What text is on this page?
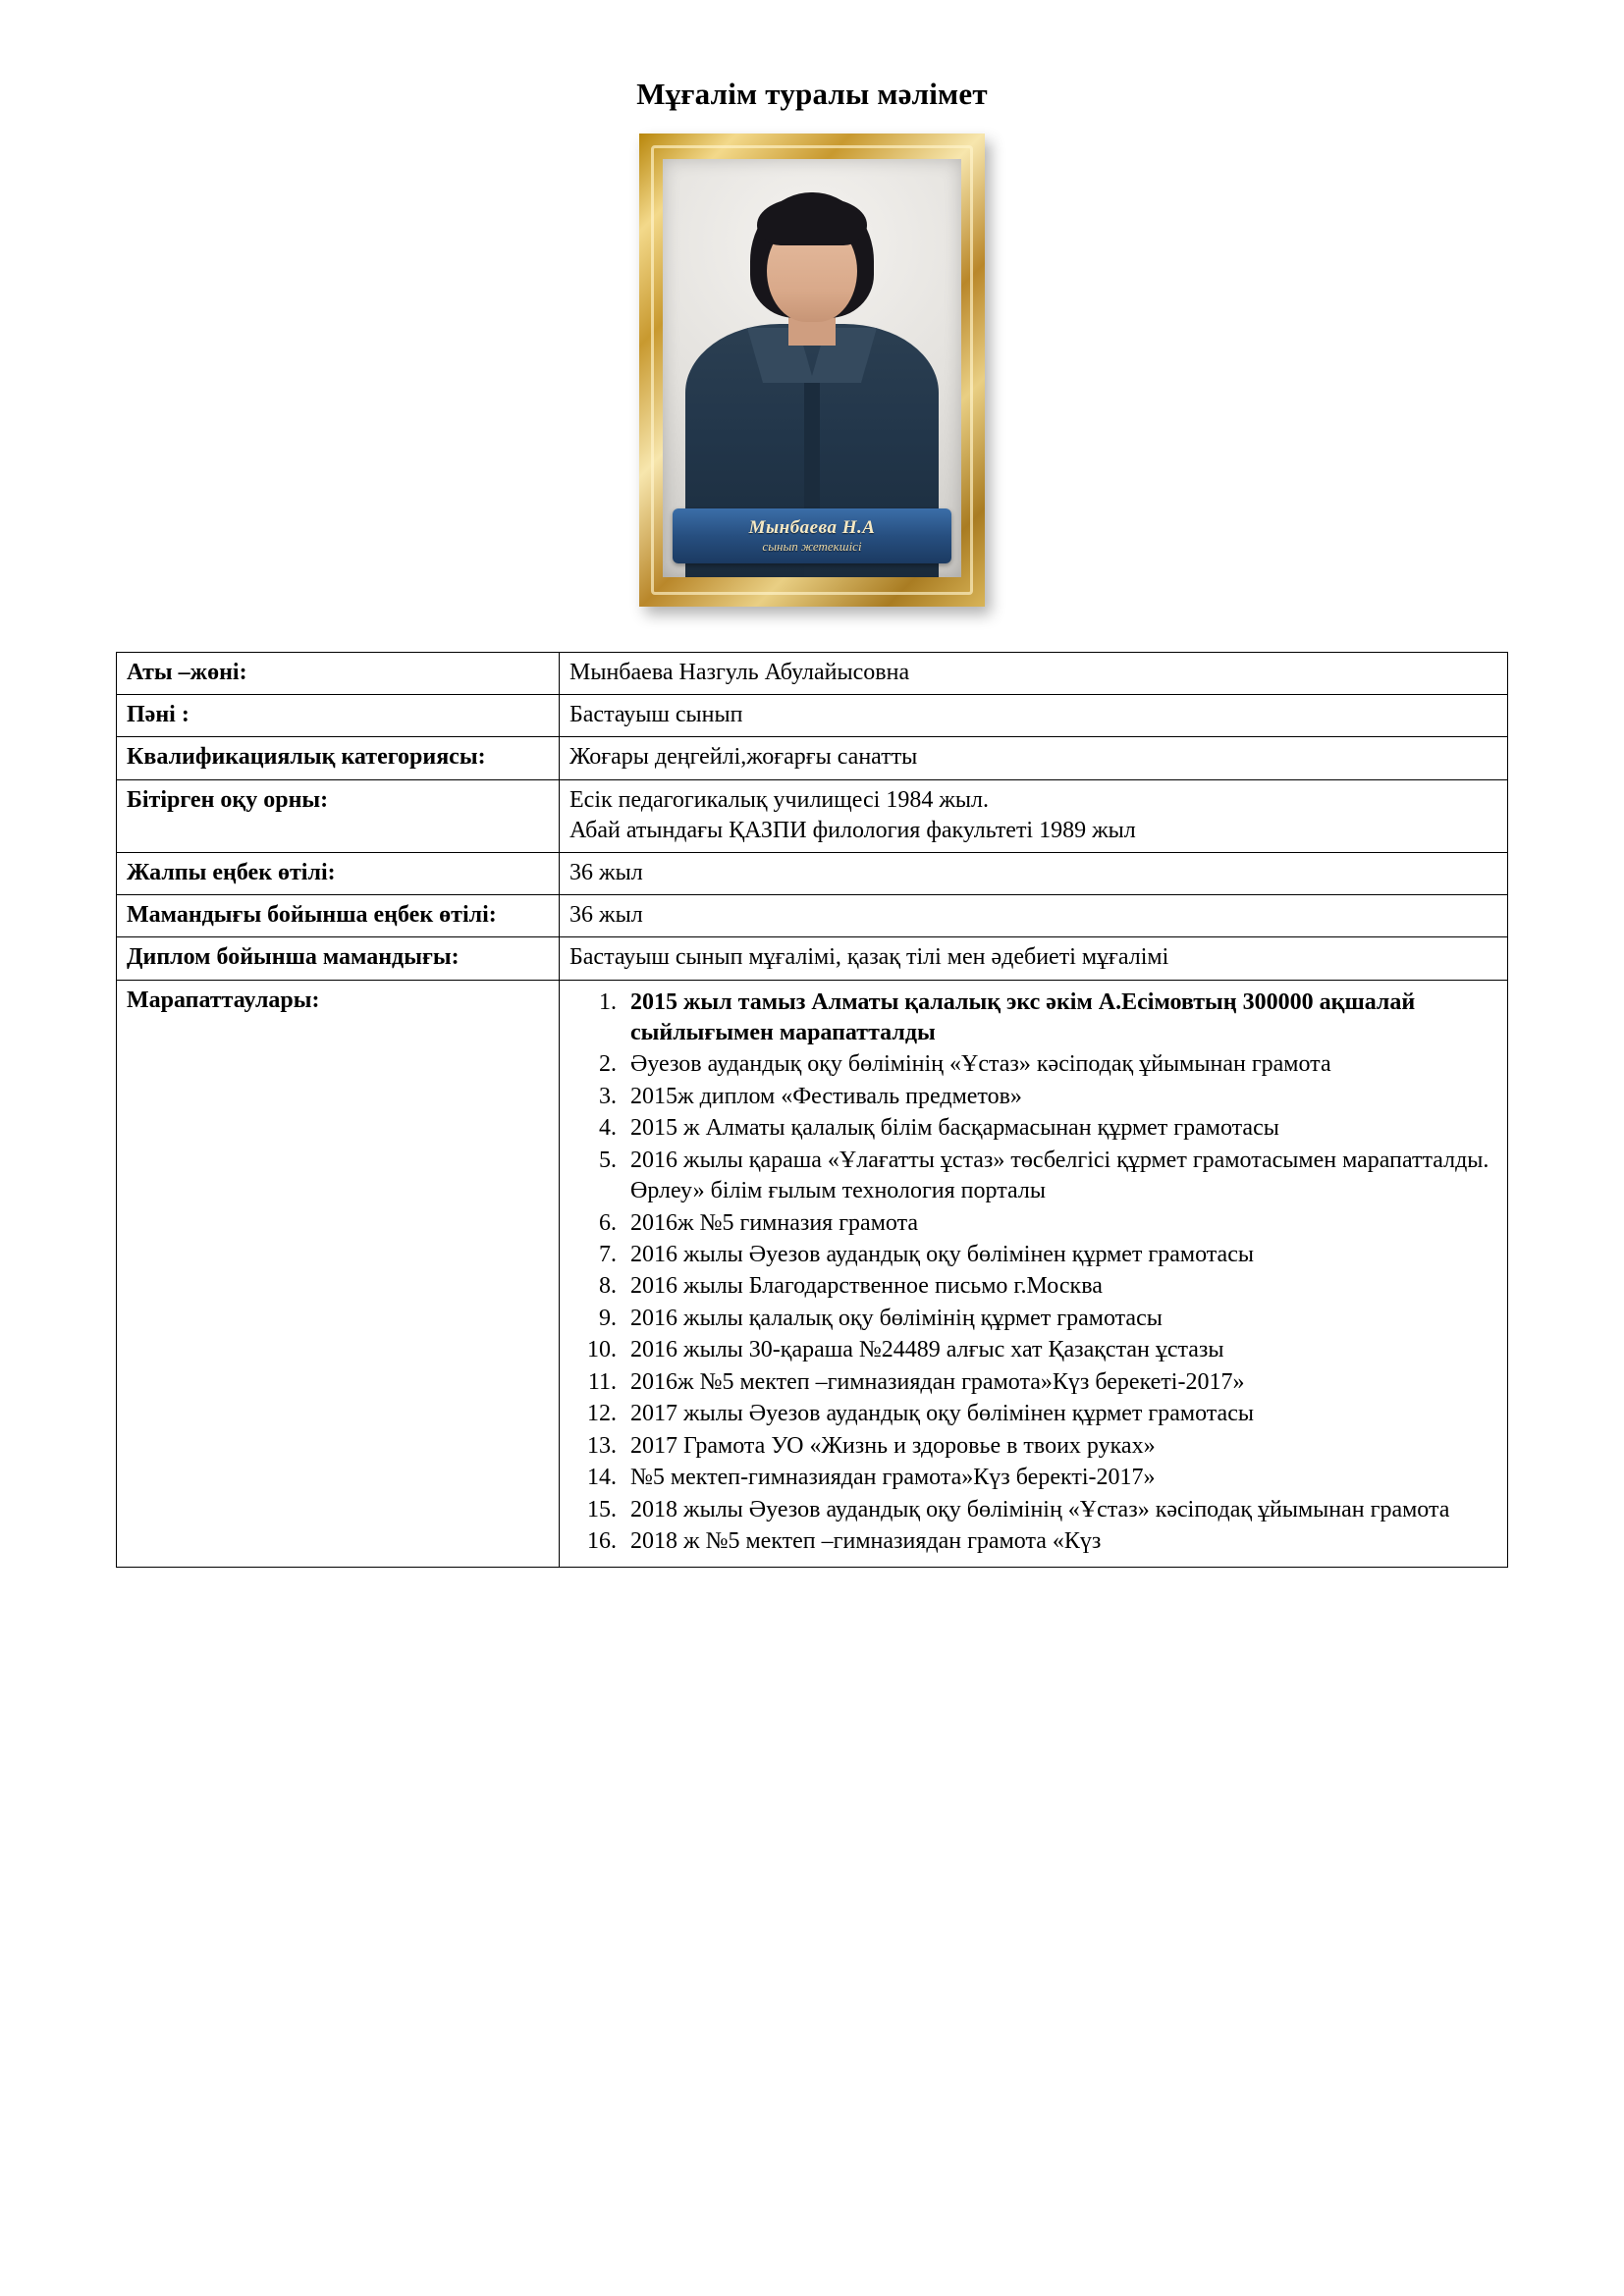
Мұғалім туралы мәлімет
Мынбаева Н.А
сынып жетекшісі
Аты –жөні:	Мынбаева Назгуль Абулайысовна
Пәні :	Бастауыш сынып
Квалификациялық категориясы:	Жоғары деңгейлі,жоғарғы санатты
Бітірген оқу орны:	Есік педагогикалық училищесі 1984 жыл.

Абай атындағы ҚАЗПИ филология факультеті 1989 жыл

Жалпы еңбек өтілі:	36 жыл
Мамандығы бойынша еңбек өтілі:	36 жыл
Диплом бойынша мамандығы:	Бастауыш сынып мұғалімі, қазақ тілі мен әдебиеті мұғалімі
Марапаттаулары:	
1.2015 жыл тамыз Алматы қалалық экс әкім А.Есімовтың 300000 ақшалай сыйлығымен марапатталды
2. Әуезов аудандық оқу бөлімінің «Ұстаз» кәсіподақ ұйымынан грамота
3. 2015ж диплом «Фестиваль предметов»
4. 2015 ж Алматы қалалық білім басқармасынан құрмет грамотасы
5. 2016 жылы қараша «Ұлағатты ұстаз» төсбелгісі құрмет грамотасымен марапатталды. Өрлеу» білім ғылым технология порталы
6. 2016ж №5 гимназия грамота
7. 2016 жылы Әуезов аудандық оқу бөлімінен құрмет грамотасы
8. 2016 жылы Благодарственное письмо г.Москва
9. 2016 жылы қалалық оқу бөлімінің құрмет грамотасы
10. 2016 жылы 30-қараша №24489 алғыс хат Қазақстан ұстазы
11. 2016ж №5 мектеп –гимназиядан грамота»Күз берекеті-2017»
12. 2017 жылы Әуезов аудандық оқу бөлімінен құрмет грамотасы
13. 2017 Грамота УО «Жизнь и здоровье в твоих руках»
14. №5 мектеп-гимназиядан грамота»Күз беректі-2017»
15. 2018 жылы Әуезов аудандық оқу бөлімінің «Ұстаз» кәсіподақ ұйымынан грамота
16. 2018 ж №5 мектеп –гимназиядан грамота «Күз
